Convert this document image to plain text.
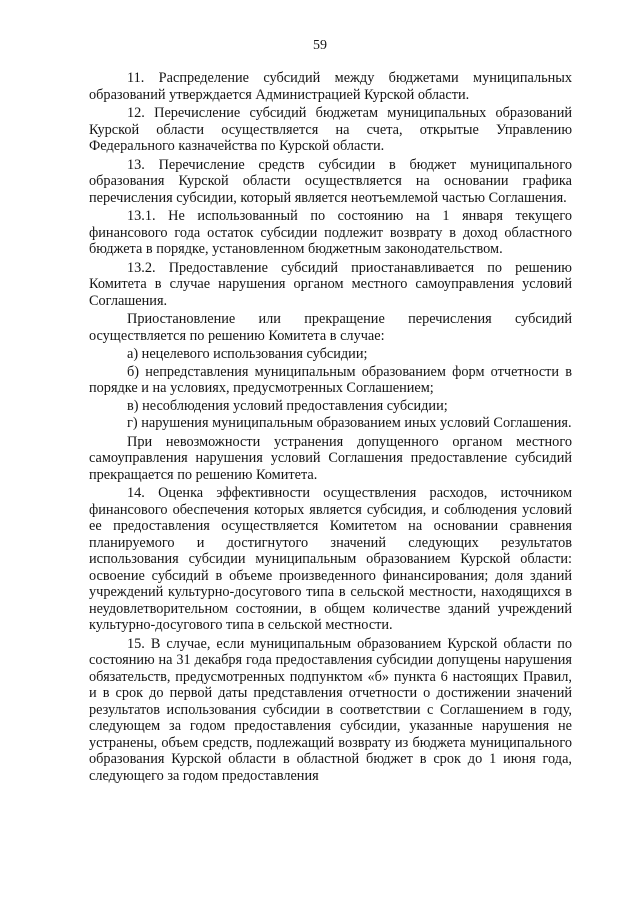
59

11. Распределение субсидий между бюджетами муниципальных образований утверждается Администрацией Курской области.

12. Перечисление субсидий бюджетам муниципальных образований Курской области осуществляется на счета, открытые Управлению Федерального казначейства по Курской области.

13. Перечисление средств субсидии в бюджет муниципального образования Курской области осуществляется на основании графика перечисления субсидии, который является неотъемлемой частью Соглашения.

13.1. Не использованный по состоянию на 1 января текущего финансового года остаток субсидии подлежит возврату в доход областного бюджета в порядке, установленном бюджетным законодательством.

13.2. Предоставление субсидий приостанавливается по решению Комитета в случае нарушения органом местного самоуправления условий Соглашения.

Приостановление или прекращение перечисления субсидий осуществляется по решению Комитета в случае:

а) нецелевого использования субсидии;

б) непредставления муниципальным образованием форм отчетности в порядке и на условиях, предусмотренных Соглашением;

в) несоблюдения условий предоставления субсидии;

г) нарушения муниципальным образованием иных условий Соглашения.

При невозможности устранения допущенного органом местного самоуправления нарушения условий Соглашения предоставление субсидий прекращается по решению Комитета.

14. Оценка эффективности осуществления расходов, источником финансового обеспечения которых является субсидия, и соблюдения условий ее предоставления осуществляется Комитетом на основании сравнения планируемого и достигнутого значений следующих результатов использования субсидии муниципальным образованием Курской области: освоение субсидий в объеме произведенного финансирования; доля зданий учреждений культурно-досугового типа в сельской местности, находящихся в неудовлетворительном состоянии, в общем количестве зданий учреждений культурно-досугового типа в сельской местности.

15. В случае, если муниципальным образованием Курской области по состоянию на 31 декабря года предоставления субсидии допущены нарушения обязательств, предусмотренных подпунктом «б» пункта 6 настоящих Правил, и в срок до первой даты представления отчетности о достижении значений результатов использования субсидии в соответствии с Соглашением в году, следующем за годом предоставления субсидии, указанные нарушения не устранены, объем средств, подлежащий возврату из бюджета муниципального образования Курской области в областной бюджет в срок до 1 июня года, следующего за годом предоставления
